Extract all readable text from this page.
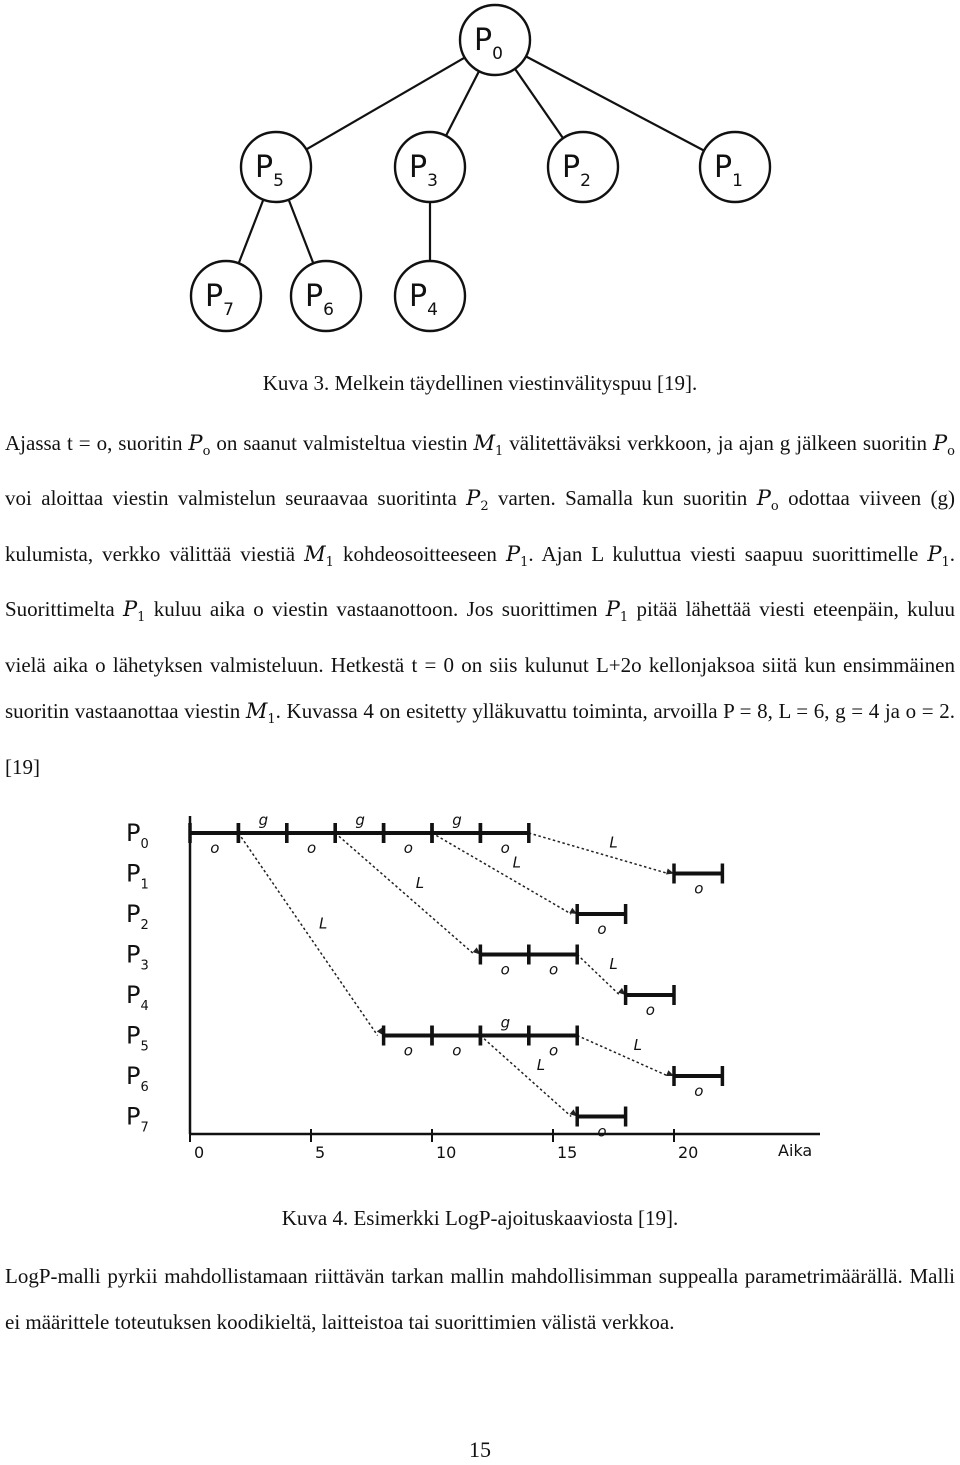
$P_0$
$P_5$	$P_3$	$P_2$	$P_1$
$P_7$ $P_6$	$P_4$
Kuva 3. Melkein täydellinen viestinvälityspuu [19].

Ajassa t = o, suoritin $P_o$ on saanut valmisteltua viestin $M_1$ välitettäväksi verkkoon, ja ajan g jälkeen suoritin $P_o$ voi aloittaa viestin valmistelun seuraavaa suoritinta $P_2$ varten. Samalla kun suoritin $P_o$ odottaa viiveen (g) kulumista, verkko välittää viestiä $M_1$ kohdeosoitteeseen $P_1$. Ajan L kuluttua viesti saapuu suorittimelle $P_1$. Suorittimelta $P_1$ kuluu aika o viestin vastaanottoon. Jos suorittimen $P_1$ pitää lähettää viesti eteenpäin, kuluu vielä aika o lähetyksen valmisteluun. Hetkestä t = 0 on siis kulunut L+2o kellonjaksoa siitä kun ensimmäinen suoritin vastaanottaa viestin $M_1$. Kuvassa 4 on esitetty ylläkuvattu toiminta, arvoilla P = 8, L = 6, g = 4 ja o = 2. [19]

$P_0$
$P_1$
$P_2$
$P_3$
$P_4$
$P_5$
$P_6$
$P_7$
0	5	10	15	20	Aika
L
L
L
L
L
L
L
o
g
o
g
o
g
o
o
o
o	o
o
o	o
g
o
o
o
Kuva 4. Esimerkki LogP-ajoituskaaviosta [19].

LogP-malli pyrkii mahdollistamaan riittävän tarkan mallin mahdollisimman suppealla parametrimäärällä. Malli ei määrittele toteutuksen koodikieltä, laitteistoa tai suorittimien välistä verkkoa.

15
